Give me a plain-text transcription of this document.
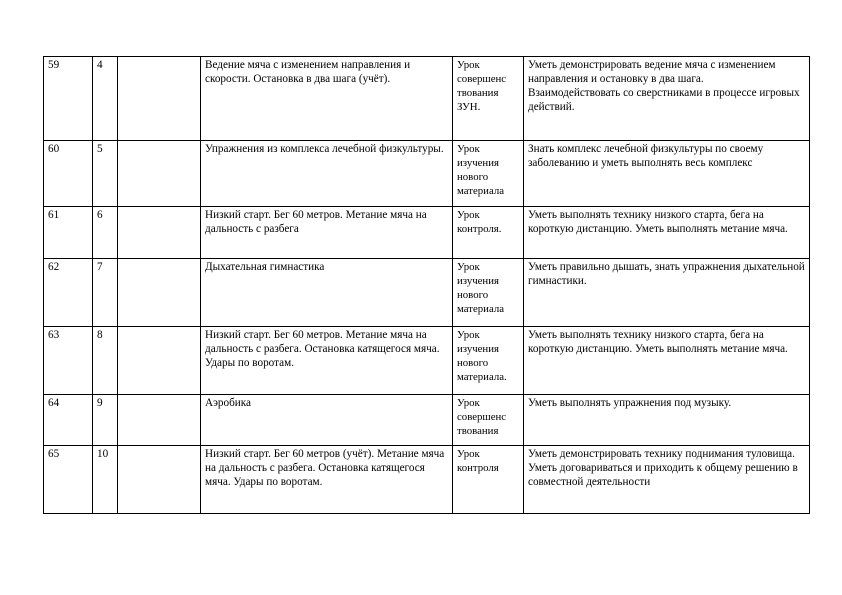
59	4		Ведение мяча с изменением направления и скорости. Остановка в два шага (учёт).	Урок совершенс твования ЗУН.	Уметь демонстрировать ведение мяча с изменением направления и остановку в два шага.
Взаимодействовать со сверстниками в процессе игровых действий.
60	5		Упражнения из комплекса лечебной физкультуры.	Урок изучения нового материала	Знать комплекс лечебной физкультуры по своему заболеванию и уметь выполнять весь комплекс
61	6		Низкий старт. Бег 60 метров. Метание мяча на дальность с разбега	Урок контроля.	Уметь выполнять технику низкого старта, бега на короткую дистанцию. Уметь выполнять метание мяча.
62	7		Дыхательная гимнастика	Урок изучения нового материала	Уметь правильно дышать, знать упражнения дыхательной гимнастики.
63	8		Низкий старт. Бег 60 метров. Метание мяча на дальность с разбега. Остановка катящегося мяча. Удары по воротам.	Урок изучения нового материала.	Уметь выполнять технику низкого старта, бега на короткую дистанцию. Уметь выполнять метание мяча.
64	9		Аэробика	Урок совершенс твования	Уметь выполнять упражнения под музыку.
65	10		Низкий старт. Бег 60 метров (учёт). Метание мяча на дальность с разбега. Остановка катящегося мяча. Удары по воротам.	Урок контроля	Уметь демонстрировать технику поднимания туловища. Уметь договариваться и приходить к общему решению в совместной деятельности
